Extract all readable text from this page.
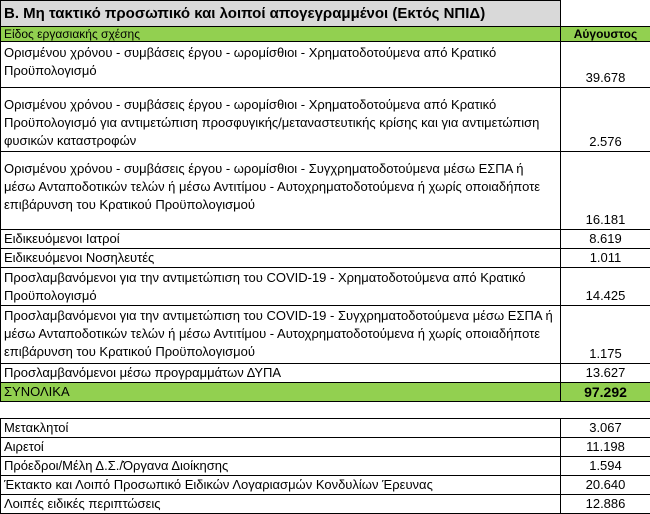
Β. Μη τακτικό προσωπικό και λοιποί απογεγραμμένοι (Εκτός ΝΠΙΔ)	
Είδος εργασιακής σχέσης	Αύγουστος
Ορισμένου χρόνου - συμβάσεις έργου - ωρομίσθιοι - Χρηματοδοτούμενα από Κρατικό Προϋπολογισμό	39.678
Ορισμένου χρόνου - συμβάσεις έργου - ωρομίσθιοι - Χρηματοδοτούμενα από Κρατικό Προϋπολογισμό για αντιμετώπιση προσφυγικής/μεταναστευτικής κρίσης και για αντιμετώπιση φυσικών καταστροφών	2.576
Ορισμένου χρόνου - συμβάσεις έργου - ωρομίσθιοι - Συγχρηματοδοτούμενα μέσω ΕΣΠΑ ή μέσω Ανταποδοτικών τελών ή μέσω Αντιτίμου - Αυτοχρηματοδοτούμενα ή χωρίς οποιαδήποτε επιβάρυνση του Κρατικού Προϋπολογισμού	16.181
Ειδικευόμενοι Ιατροί	8.619
Ειδικευόμενοι Νοσηλευτές	1.011
Προσλαμβανόμενοι για την αντιμετώπιση του COVID-19 - Χρηματοδοτούμενα από Κρατικό Προϋπολογισμό	14.425
Προσλαμβανόμενοι για την αντιμετώπιση του COVID-19 - Συγχρηματοδοτούμενα μέσω ΕΣΠΑ ή μέσω Ανταποδοτικών τελών ή μέσω Αντιτίμου - Αυτοχρηματοδοτούμενα ή χωρίς οποιαδήποτε επιβάρυνση του Κρατικού Προϋπολογισμού	1.175
Προσλαμβανόμενοι μέσω προγραμμάτων ΔΥΠΑ	13.627
ΣΥΝΟΛΙΚΑ	97.292

Μετακλητοί	3.067
Αιρετοί	11.198
Πρόεδροι/Μέλη Δ.Σ./Όργανα Διοίκησης	1.594
Έκτακτο και Λοιπό Προσωπικό Ειδικών Λογαριασμών Κονδυλίων Έρευνας	20.640
Λοιπές ειδικές περιπτώσεις	12.886
